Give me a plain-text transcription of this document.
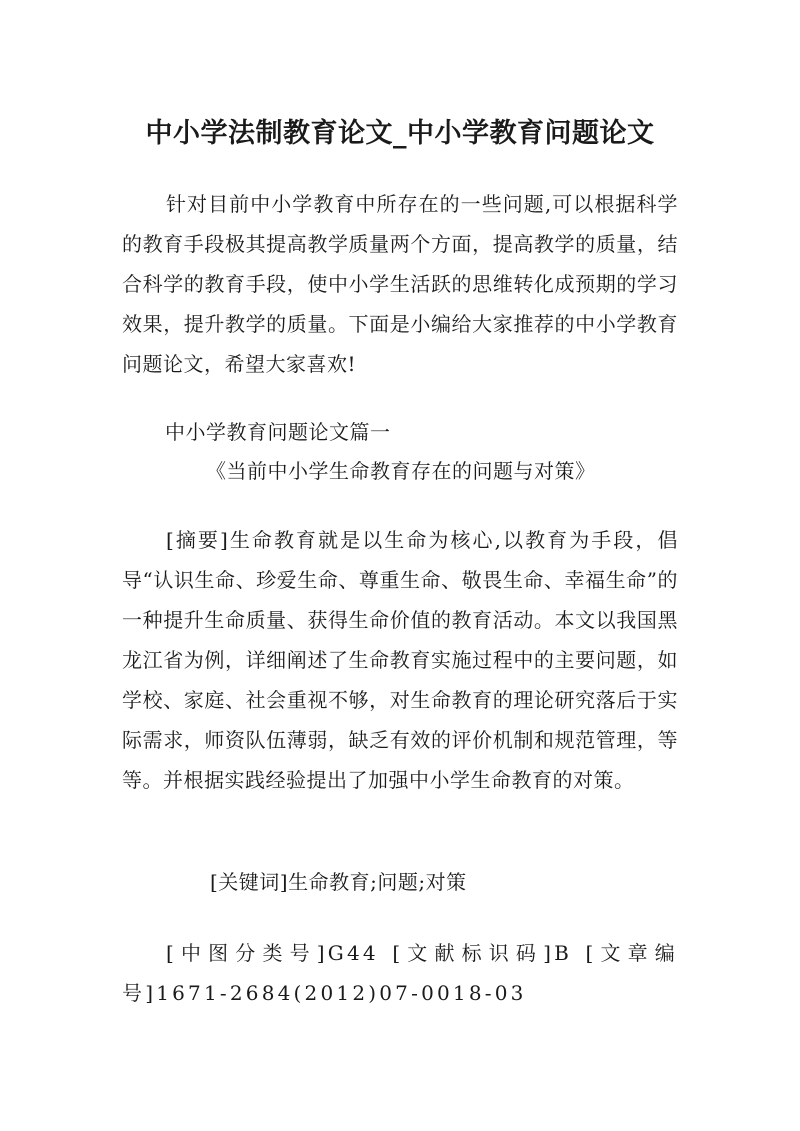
中小学法制教育论文_中小学教育问题论文

针对目前中小学教育中所存在的一些问题,可以根据科学的教育手段极其提高教学质量两个方面，提高教学的质量，结合科学的教育手段，使中小学生活跃的思维转化成预期的学习效果，提升教学的质量。下面是小编给大家推荐的中小学教育问题论文，希望大家喜欢!

中小学教育问题论文篇一

《当前中小学生命教育存在的问题与对策》

[摘要]生命教育就是以生命为核心,以教育为手段，倡导“认识生命、珍爱生命、尊重生命、敬畏生命、幸福生命”的一种提升生命质量、获得生命价值的教育活动。本文以我国黑龙江省为例，详细阐述了生命教育实施过程中的主要问题，如学校、家庭、社会重视不够，对生命教育的理论研究落后于实际需求，师资队伍薄弱，缺乏有效的评价机制和规范管理，等等。并根据实践经验提出了加强中小学生命教育的对策。

[关键词]生命教育;问题;对策

[中图分类号]G44 [文献标识码]B [文章编号]1671-2684(2012)07-0018-03
